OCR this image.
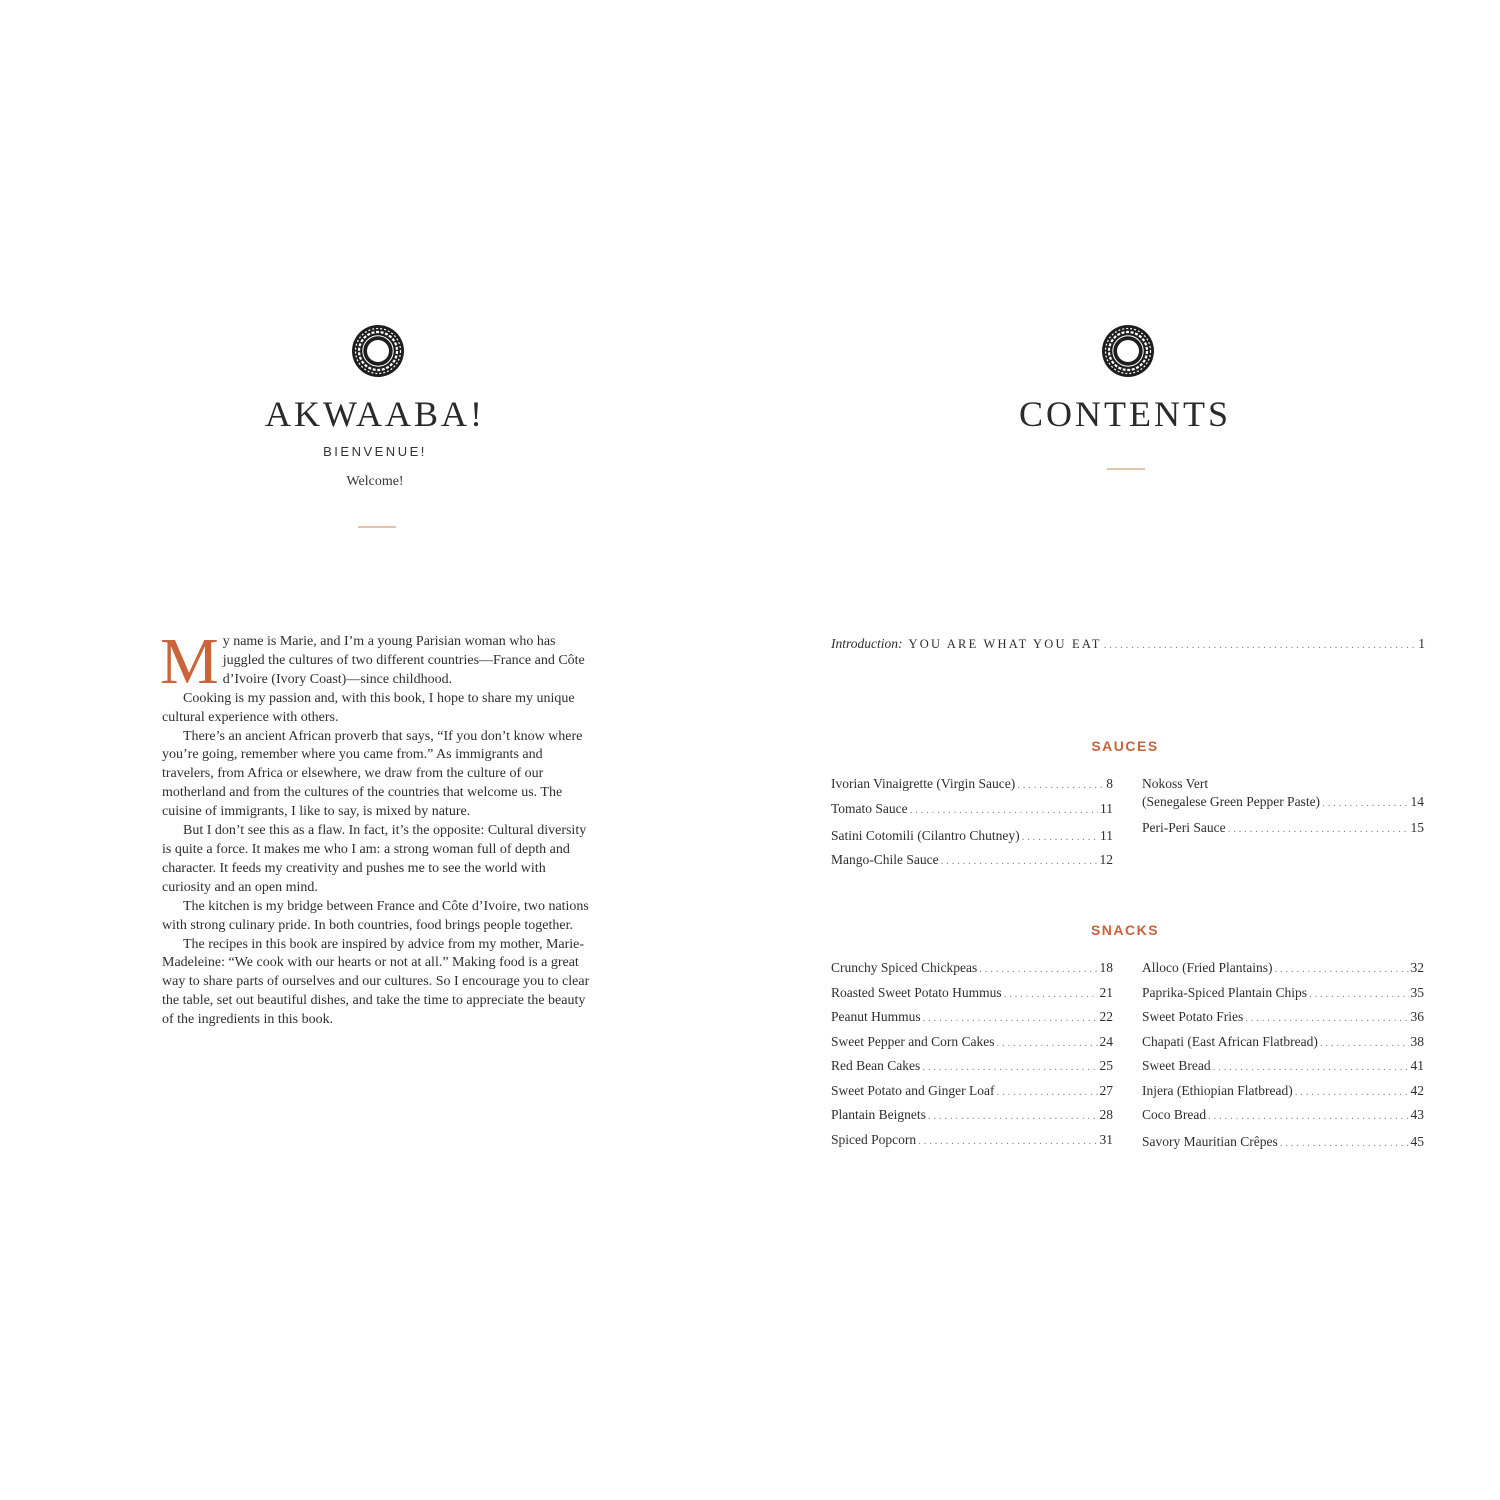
AKWAABA!
BIENVENUE!
Welcome!

My name is Marie, and I’m a young Parisian woman who has juggled the cultures of two different countries—France and Côte d’Ivoire (Ivory Coast)—since childhood.

Cooking is my passion and, with this book, I hope to share my unique cultural experience with others.

There’s an ancient African proverb that says, “If you don’t know where you’re going, remember where you came from.” As immigrants and travelers, from Africa or elsewhere, we draw from the culture of our motherland and from the cultures of the countries that welcome us. The cuisine of immigrants, I like to say, is mixed by nature.

But I don’t see this as a flaw. In fact, it’s the opposite: Cultural diversity is quite a force. It makes me who I am: a strong woman full of depth and character. It feeds my creativity and pushes me to see the world with curiosity and an open mind.

The kitchen is my bridge between France and Côte d’Ivoire, two nations with strong culinary pride. In both countries, food brings people together.

The recipes in this book are inspired by advice from my mother, Marie-Madeleine: “We cook with our hearts or not at all.” Making food is a great way to share parts of ourselves and our cultures. So I encourage you to clear the table, set out beautiful dishes, and take the time to appreciate the beauty of the ingredients in this book.

CONTENTS
Introduction: YOU ARE WHAT YOU EAT . . .	1
SAUCES
Ivorian Vinaigrette (Virgin Sauce) . . .	8
Tomato Sauce . . .	11
Satini Cotomili (Cilantro Chutney) . . .	11
Mango-Chile Sauce . . .	12
Nokoss Vert
(Senegalese Green Pepper Paste) . . .	14
Peri-Peri Sauce . . .	15
SNACKS
Crunchy Spiced Chickpeas . . .	18
Roasted Sweet Potato Hummus . . .	21
Peanut Hummus . . .	22
Sweet Pepper and Corn Cakes . . .	24
Red Bean Cakes . . .	25
Sweet Potato and Ginger Loaf . . .	27
Plantain Beignets . . .	28
Spiced Popcorn . . .	31
Alloco (Fried Plantains) . . .	32
Paprika-Spiced Plantain Chips . . .	35
Sweet Potato Fries . . .	36
Chapati (East African Flatbread) . . .	38
Sweet Bread . . .	41
Injera (Ethiopian Flatbread) . . .	42
Coco Bread . . .	43
Savory Mauritian Crêpes . . .	45
